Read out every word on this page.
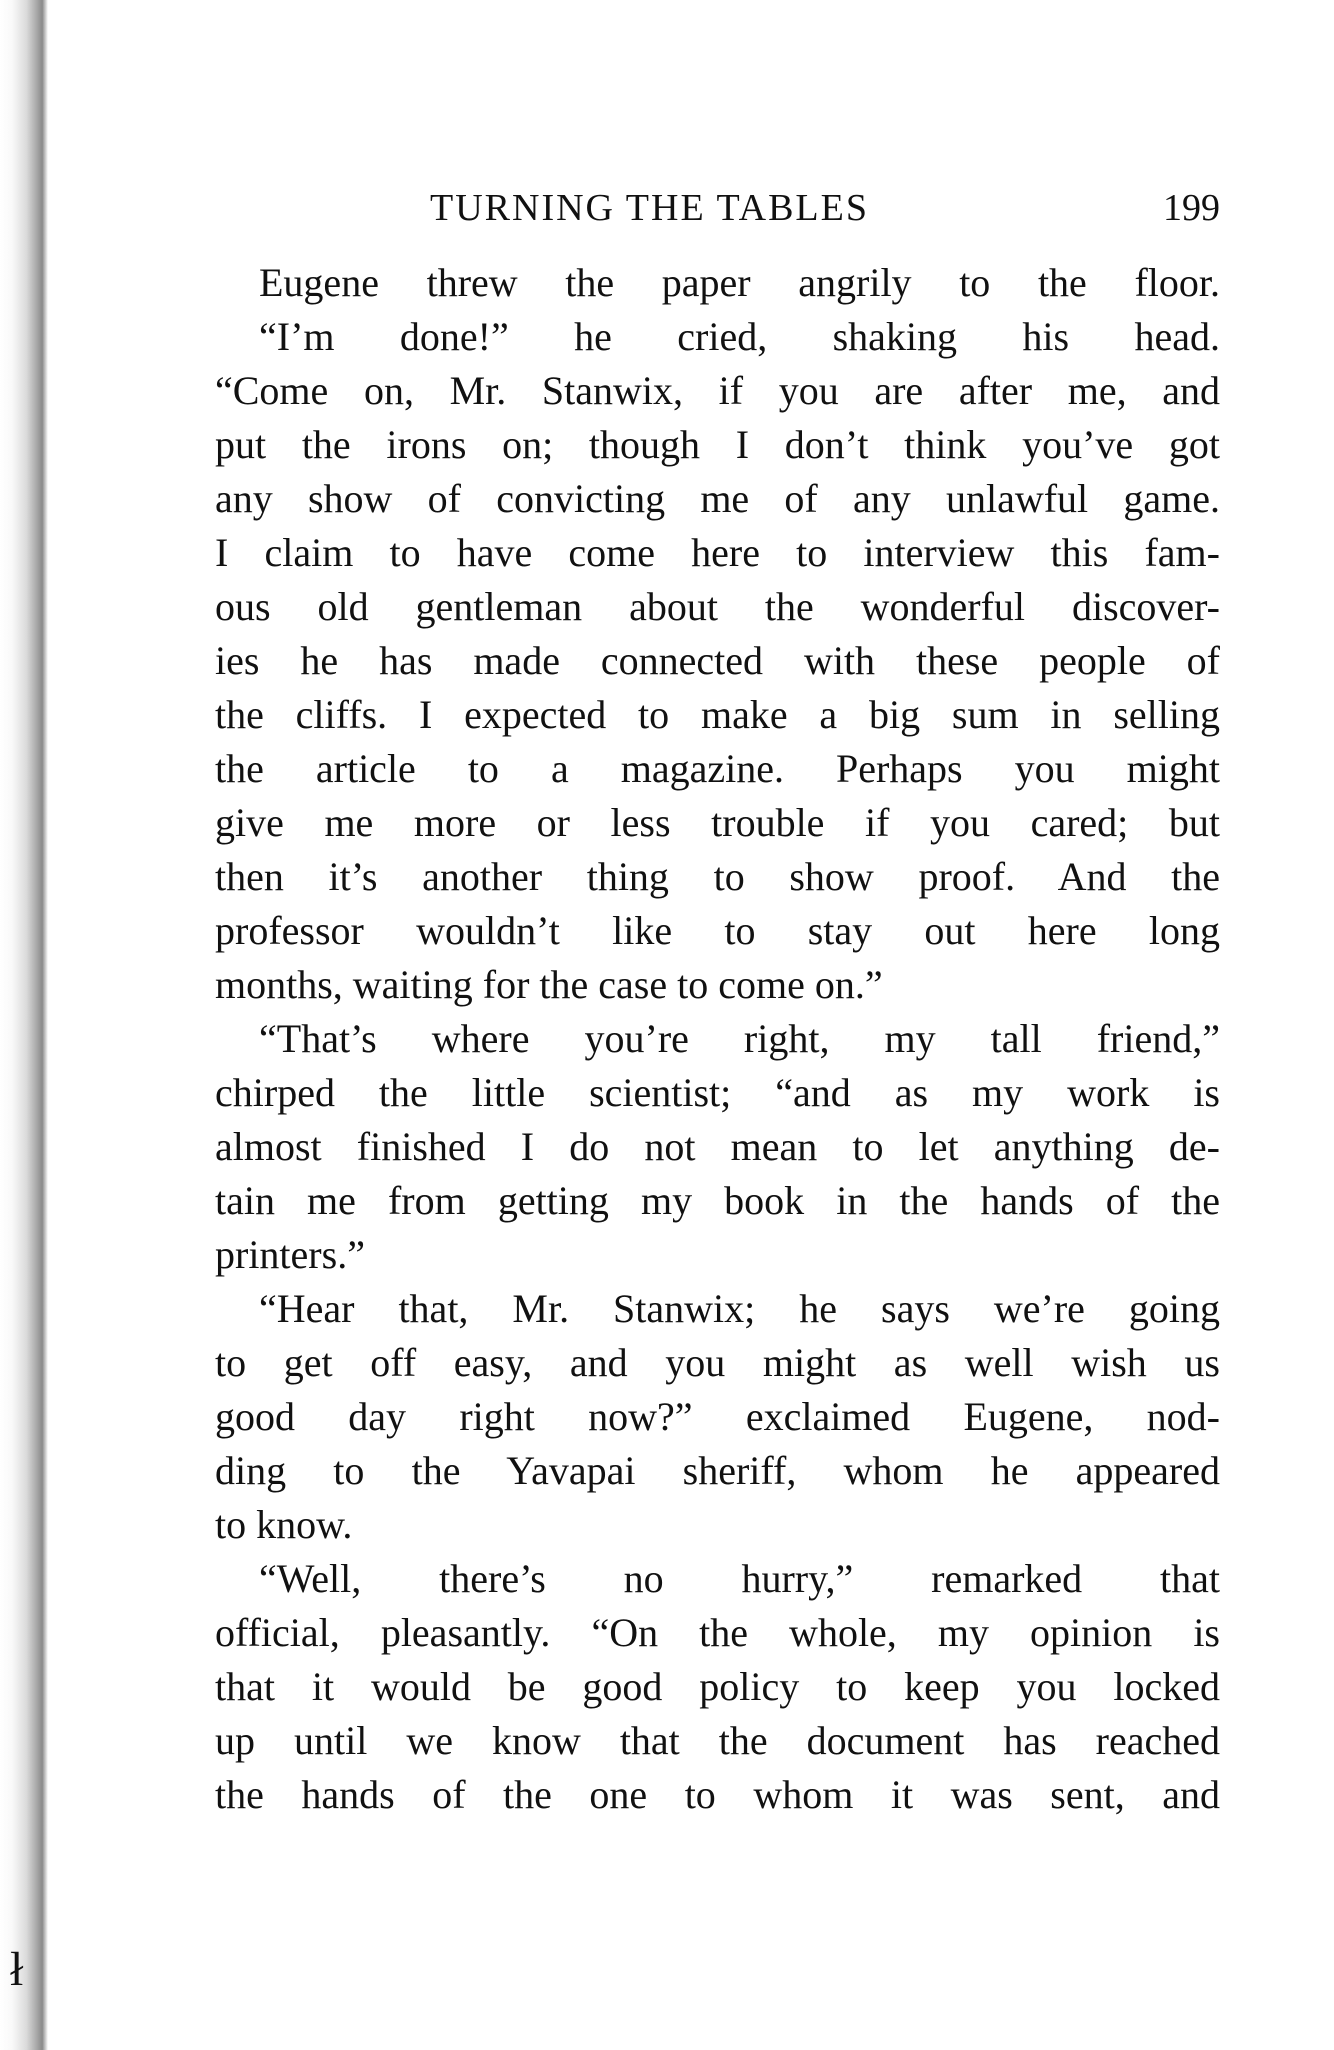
ł
TURNING THE TABLES	199
Eugene threw the paper angrily to the floor.
“I’m done!” he cried, shaking his head.
“Come on, Mr. Stanwix, if you are after me, and
put the irons on; though I don’t think you’ve got
any show of convicting me of any unlawful game.
I claim to have come here to interview this fam-
ous old gentleman about the wonderful discover-
ies he has made connected with these people of
the cliffs. I expected to make a big sum in selling
the article to a magazine. Perhaps you might
give me more or less trouble if you cared; but
then it’s another thing to show proof. And the
professor wouldn’t like to stay out here long
months, waiting for the case to come on.”
“That’s where you’re right, my tall friend,”
chirped the little scientist; “and as my work is
almost finished I do not mean to let anything de-
tain me from getting my book in the hands of the
printers.”
“Hear that, Mr. Stanwix; he says we’re going
to get off easy, and you might as well wish us
good day right now?” exclaimed Eugene, nod-
ding to the Yavapai sheriff, whom he appeared
to know.
“Well, there’s no hurry,” remarked that
official, pleasantly. “On the whole, my opinion is
that it would be good policy to keep you locked
up until we know that the document has reached
the hands of the one to whom it was sent, and
